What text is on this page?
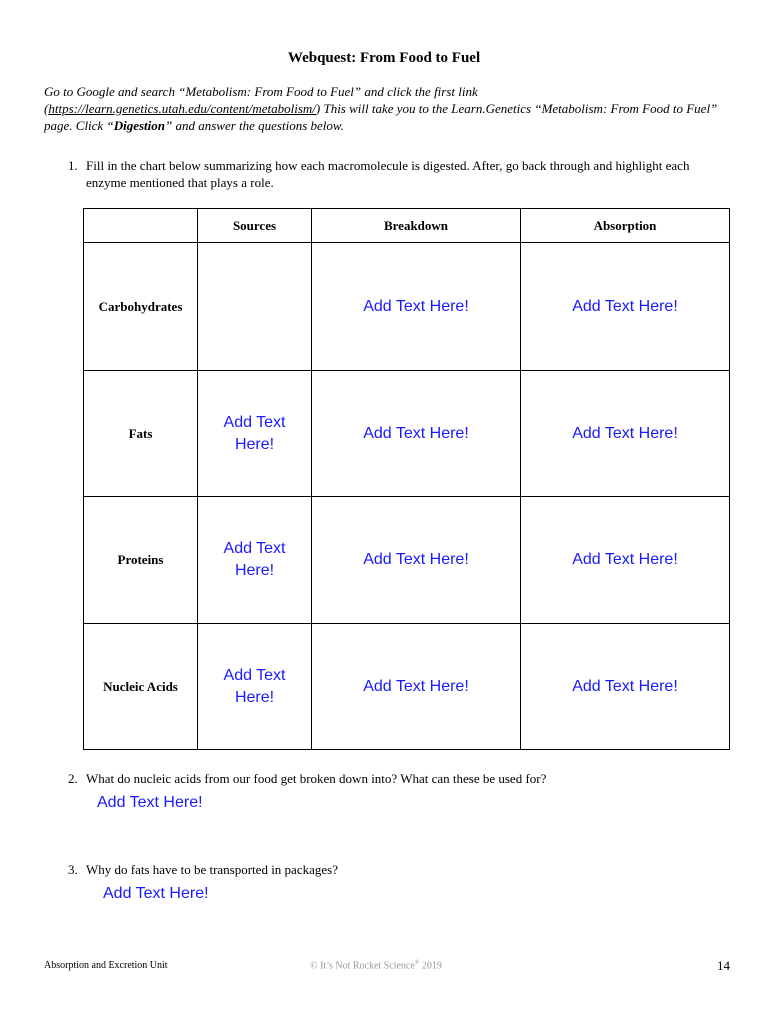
Webquest: From Food to Fuel
Go to Google and search “Metabolism: From Food to Fuel” and click the first link (https://learn.genetics.utah.edu/content/metabolism/) This will take you to the Learn.Genetics “Metabolism: From Food to Fuel” page. Click “Digestion” and answer the questions below.
1. Fill in the chart below summarizing how each macromolecule is digested. After, go back through and highlight each enzyme mentioned that plays a role.
	Sources	Breakdown	Absorption
Carbohydrates		Add Text Here!	Add Text Here!
Fats	Add Text Here!	Add Text Here!	Add Text Here!
Proteins	Add Text Here!	Add Text Here!	Add Text Here!
Nucleic Acids	Add Text Here!	Add Text Here!	Add Text Here!
2. What do nucleic acids from our food get broken down into? What can these be used for?
Add Text Here!
3. Why do fats have to be transported in packages?
Add Text Here!
Absorption and Excretion Unit	© It’s Not Rocket Science® 2019	14
